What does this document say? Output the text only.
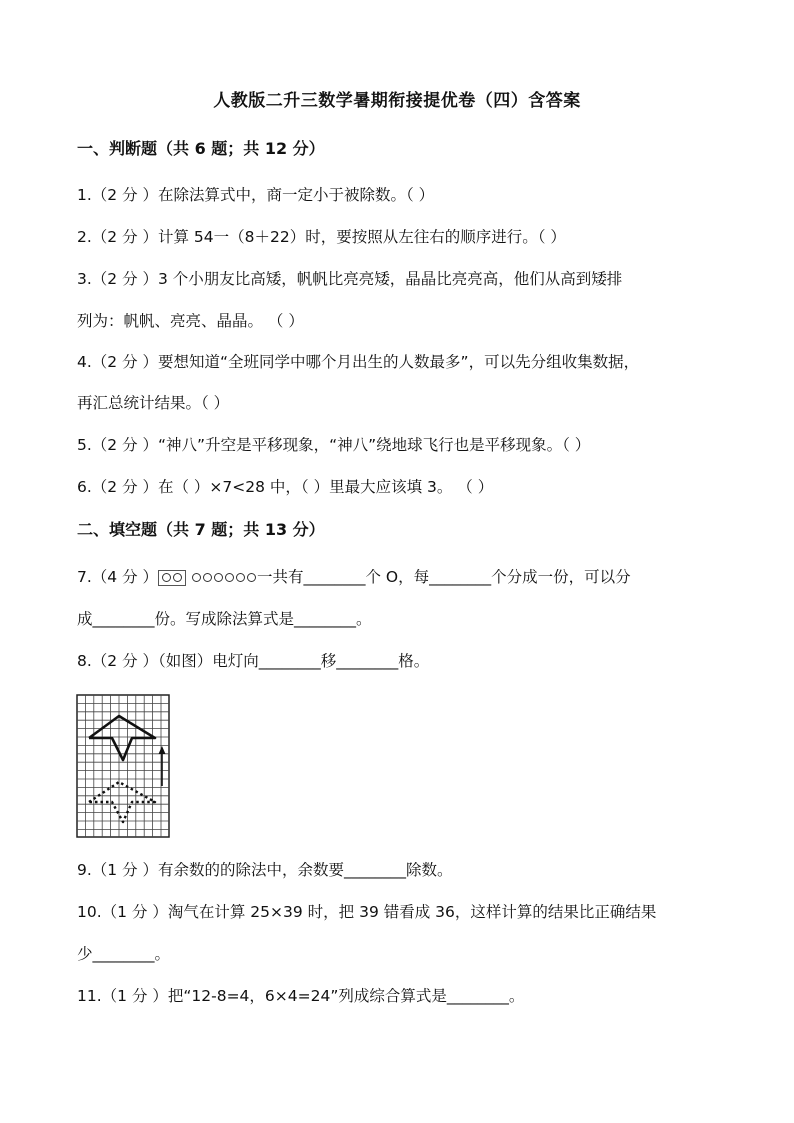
人教版二升三数学暑期衔接提优卷（四）含答案
一、判断题（共 6 题；共 12 分）
1.（2 分 ）在除法算式中，商一定小于被除数。（ ）
2.（2 分 ）计算 54一（8＋22）时，要按照从左往右的顺序进行。（ ）
3.（2 分 ）3 个小朋友比高矮，帆帆比亮亮矮，晶晶比亮亮高，他们从高到矮排
列为：帆帆、亮亮、晶晶。 （ ）
4.（2 分 ）要想知道“全班同学中哪个月出生的人数最多”，可以先分组收集数据，
再汇总统计结果。（ ）
5.（2 分 ）“神八”升空是平移现象，“神八”绕地球飞行也是平移现象。（ ）
6.（2 分 ）在（ ）×7<28 中，（ ）里最大应该填 3。 （ ）
二、填空题（共 7 题；共 13 分）
7.（4 分 ）	一共有________个 O，每________个分成一份，可以分
成________份。写成除法算式是________。
8.（2 分 ）（如图）电灯向________移________格。
9.（1 分 ）有余数的的除法中，余数要________除数。
10.（1 分 ）淘气在计算 25×39 时，把 39 错看成 36，这样计算的结果比正确结果
少________。
11.（1 分 ）把“12-8=4，6×4=24”列成综合算式是________。
